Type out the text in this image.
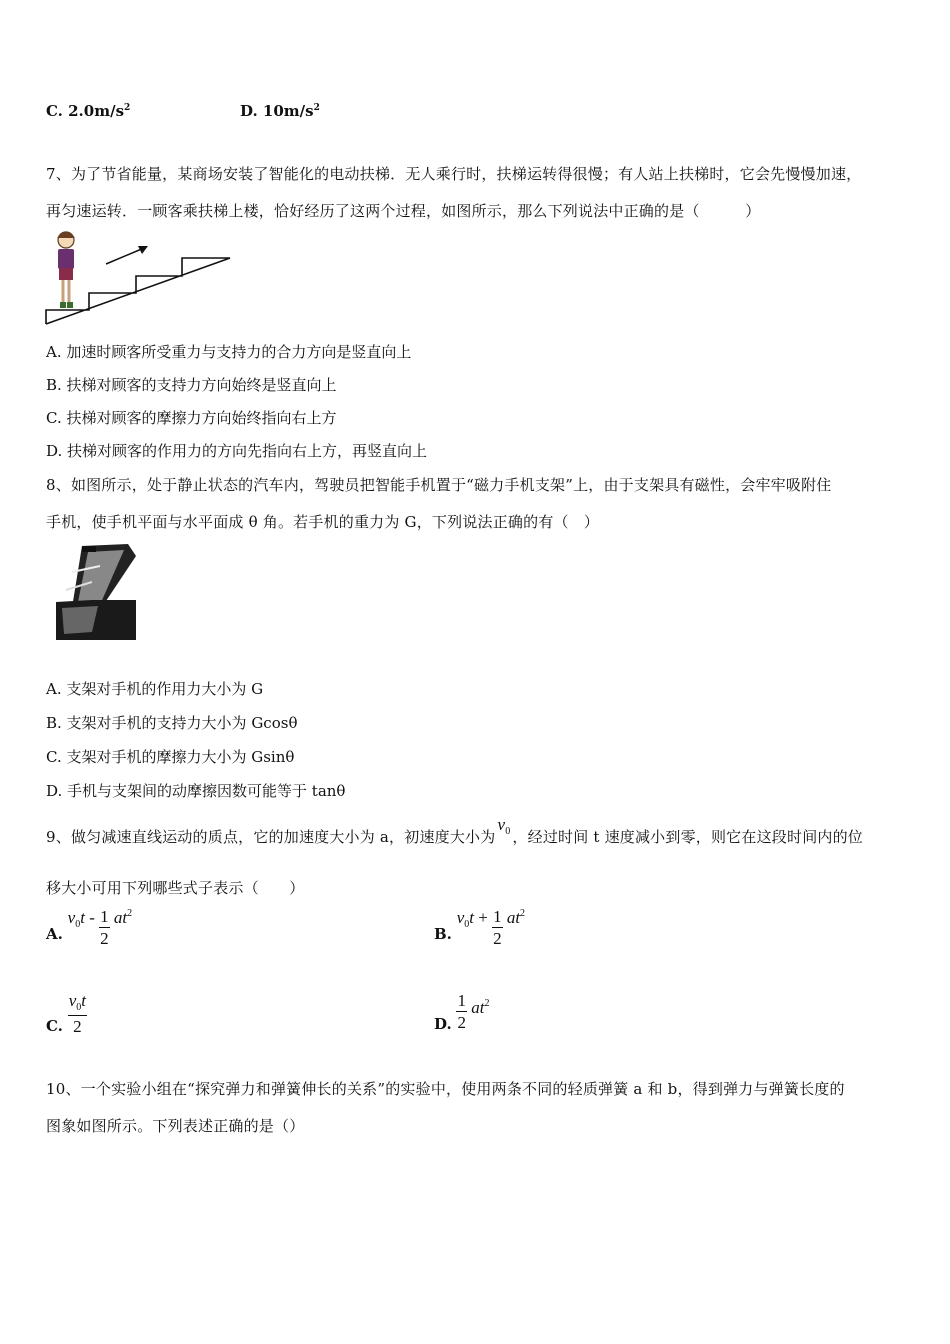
C. $2.0m/s^2$	D. $10m/s^2$
7、为了节省能量，某商场安装了智能化的电动扶梯．无人乘行时，扶梯运转得很慢；有人站上扶梯时，它会先慢慢加速，
再匀速运转．一顾客乘扶梯上楼，恰好经历了这两个过程，如图所示，那么下列说法中正确的是（　　　）
A. 加速时顾客所受重力与支持力的合力方向是竖直向上
B. 扶梯对顾客的支持力方向始终是竖直向上
C. 扶梯对顾客的摩擦力方向始终指向右上方
D. 扶梯对顾客的作用力的方向先指向右上方，再竖直向上
8、如图所示，处于静止状态的汽车内，驾驶员把智能手机置于“磁力手机支架”上，由于支架具有磁性，会牢牢吸附住
手机，使手机平面与水平面成 θ 角。若手机的重力为 G，下列说法正确的有（　）
A. 支架对手机的作用力大小为 G
B. 支架对手机的支持力大小为 Gcosθ
C. 支架对手机的摩擦力大小为 Gsinθ
D. 手机与支架间的动摩擦因数可能等于 tanθ
9、做匀减速直线运动的质点，它的加速度大小为 a，初速度大小为$v_0$ ，经过时间 t 速度减小到零，则它在这段时间内的位
移大小可用下列哪些式子表示（　　）
A. $v_0t - \frac{1}{2} at^2$
B. $v_0t + \frac{1}{2} at^2$
C. $\frac{v_0t}{2}$	D. $\frac{1}{2} at^2$
10、一个实验小组在“探究弹力和弹簧伸长的关系”的实验中，使用两条不同的轻质弹簧 a 和 b，得到弹力与弹簧长度的
图象如图所示。下列表述正确的是（）
